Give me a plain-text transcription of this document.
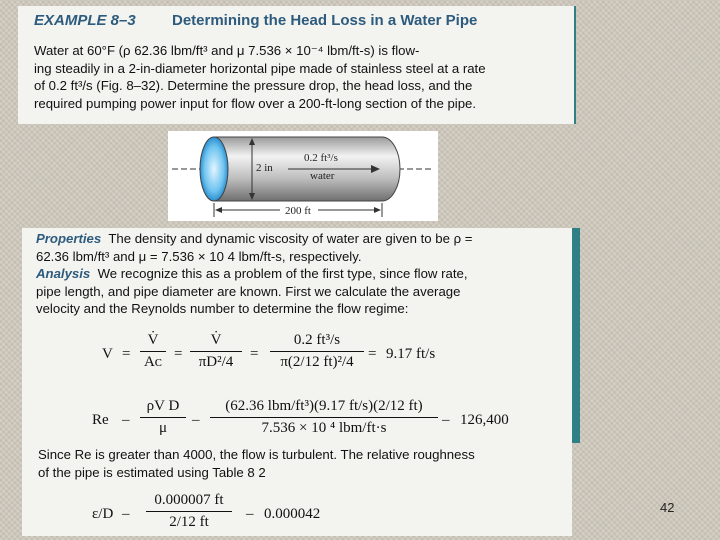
EXAMPLE 8–3 Determining the Head Loss in a Water Pipe
Water at 60°F (ρ 62.36 lbm/ft³ and μ 7.536 × 10⁻⁴ lbm/ft-s) is flow-
ing steadily in a 2-in-diameter horizontal pipe made of stainless steel at a rate
of 0.2 ft³/s (Fig. 8–32). Determine the pressure drop, the head loss, and the
required pumping power input for flow over a 200-ft-long section of the pipe.
2 in
0.2 ft³/s
water
200 ft
Properties The density and dynamic viscosity of water are given to be ρ =
62.36 lbm/ft³ and μ = 7.536 × 10 4 lbm/ft-s, respectively.
Analysis We recognize this as a problem of the first type, since flow rate,
pipe length, and pipe diameter are known. First we calculate the average
velocity and the Reynolds number to determine the flow regime:
$V = \frac{V̇}{\text{Aᴄ}} = \frac{V̇}{\text{πD²/4}} = \frac{\text{0.2 ft³/s}}{\text{π(2/12 ft)²/4}} = 9.17$ ft/s
Re – $\frac{\text{ρV D}}{\mu}$ –
(62.36 lbm/ft³)(9.17 ft/s)(2/12 ft)
7.536 × 10 ⁴ lbm/ft·s	– 126,400
Since Re is greater than 4000, the flow is turbulent. The relative roughness
of the pipe is estimated using Table 8 2
$\varepsilon/D - \frac{0.000007 ft}{2/12 ft} - 0.000042$	42
